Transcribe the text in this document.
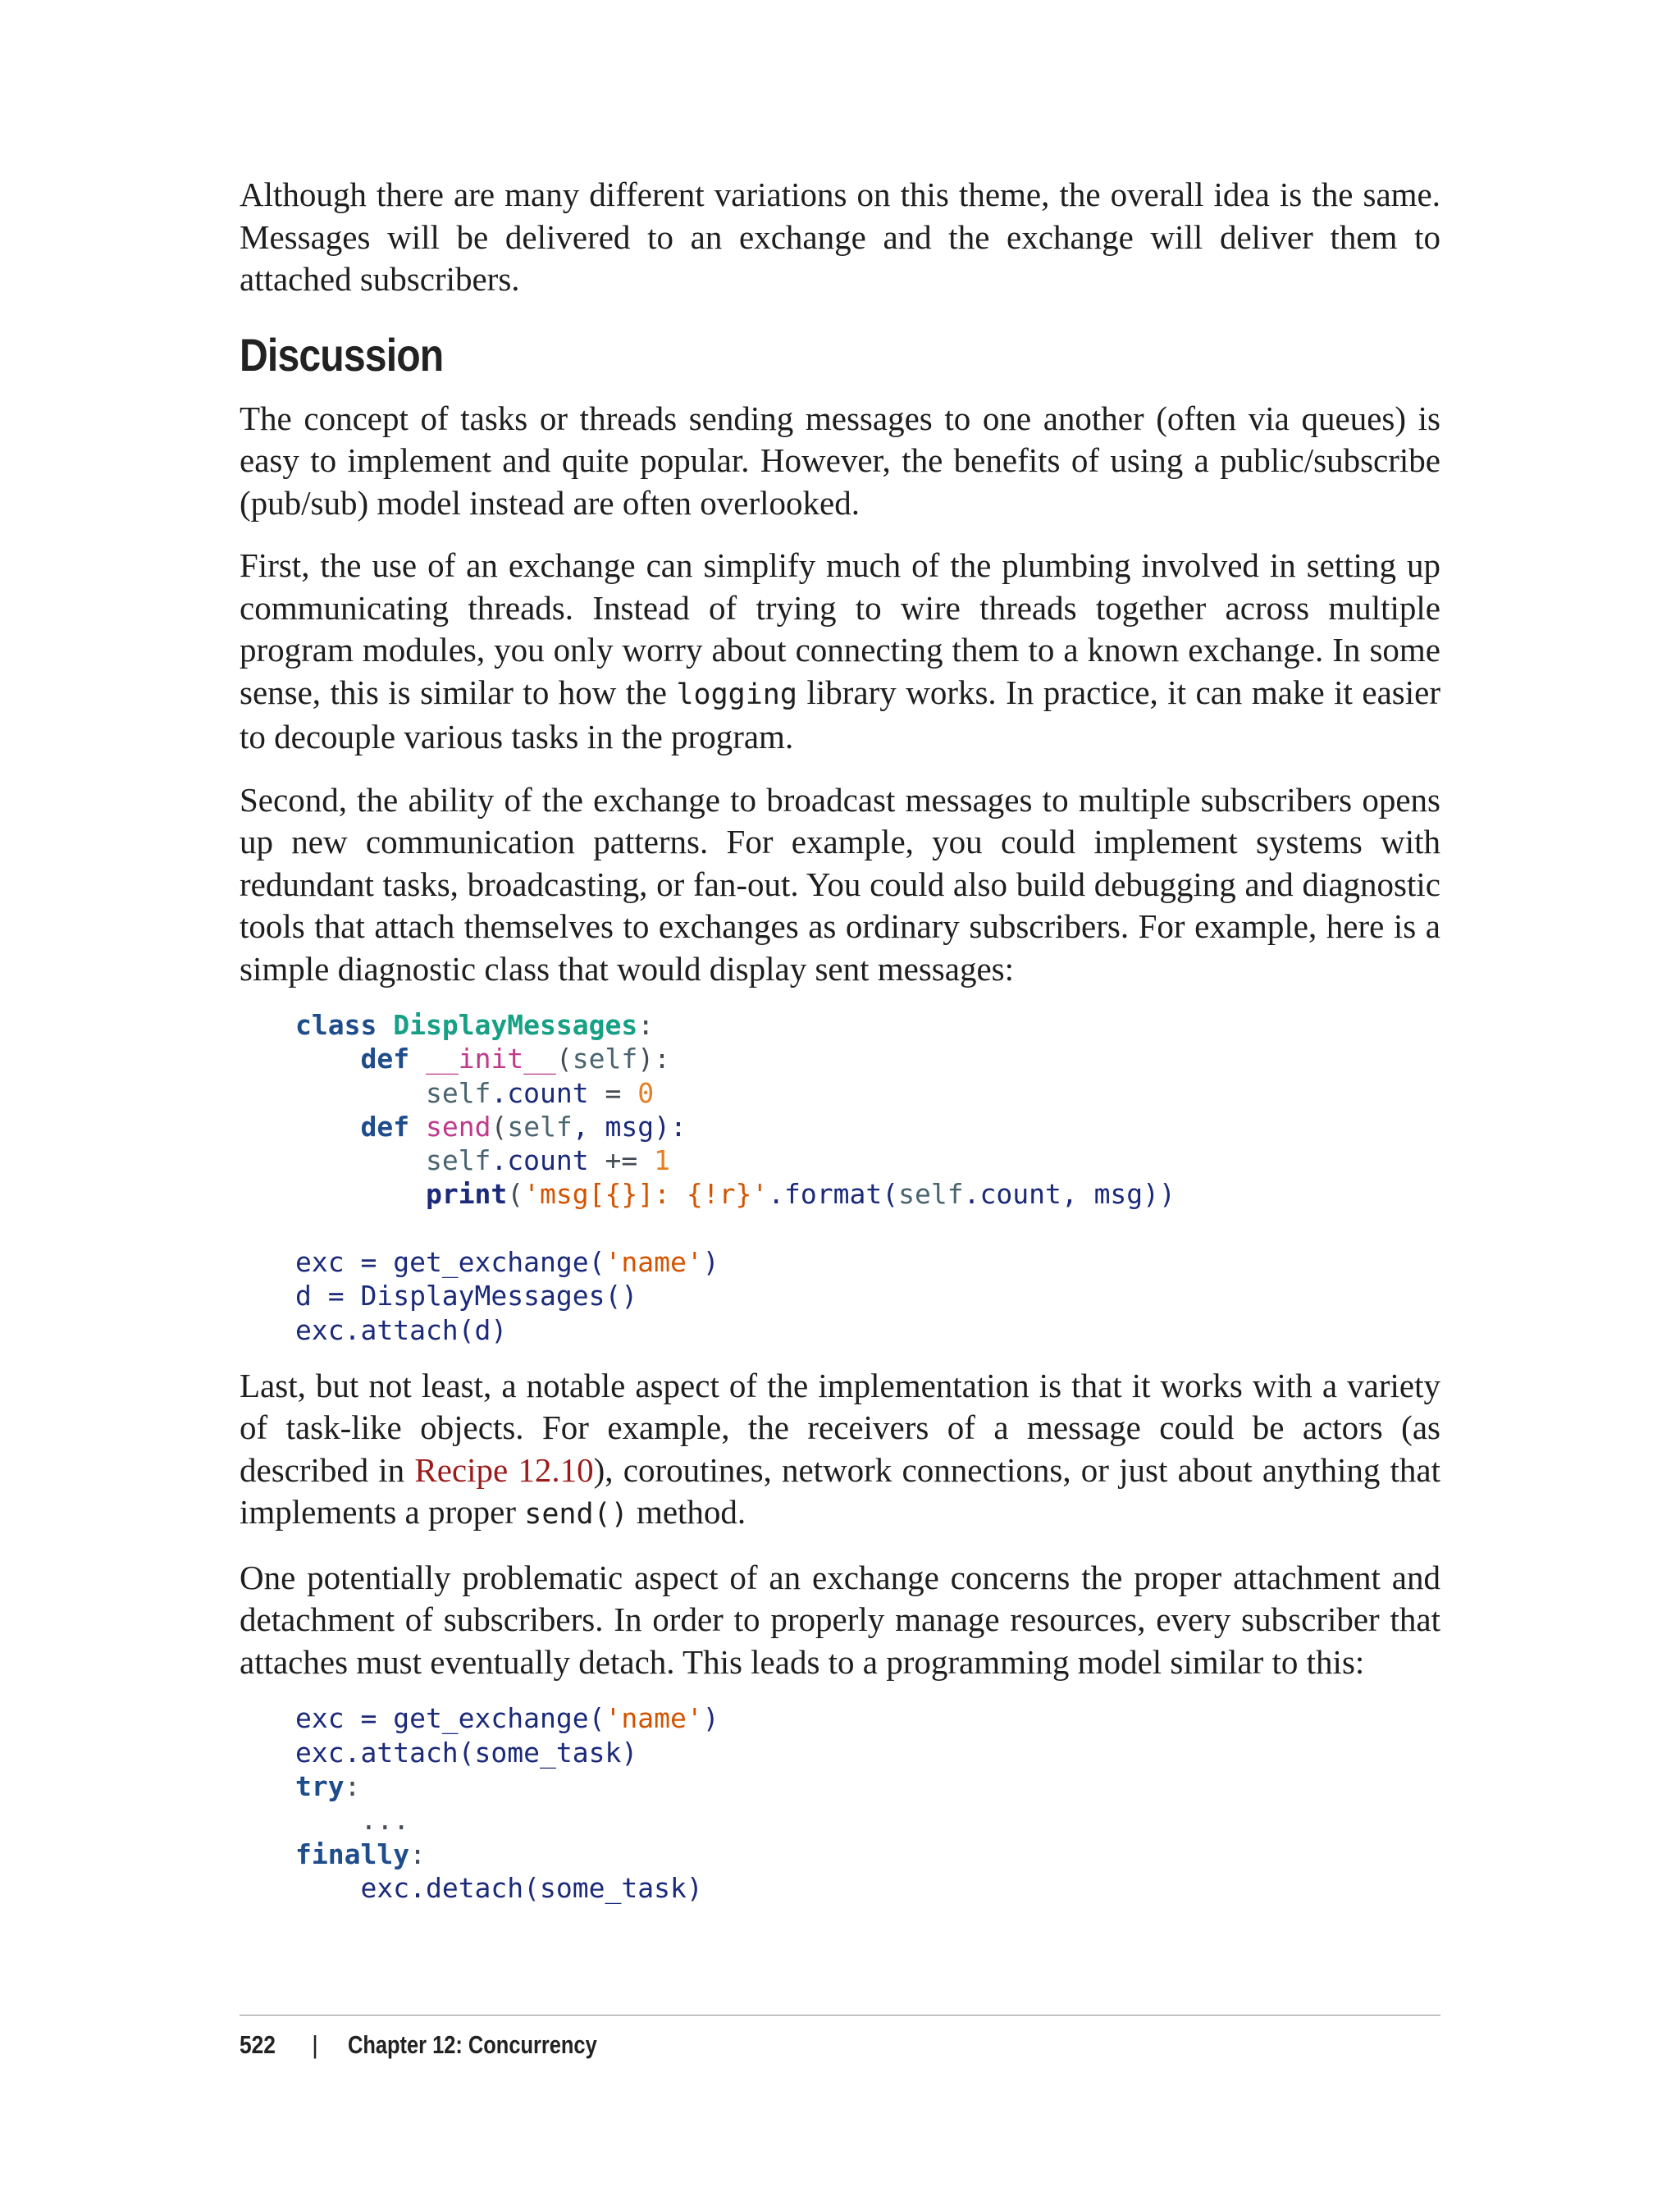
Although there are many different variations on this theme, the overall idea is the same. Messages will be delivered to an exchange and the exchange will deliver them to attached subscribers.

Discussion

The concept of tasks or threads sending messages to one another (often via queues) is easy to implement and quite popular. However, the benefits of using a public/subscribe (pub/sub) model instead are often overlooked.

First, the use of an exchange can simplify much of the plumbing involved in setting up communicating threads. Instead of trying to wire threads together across multiple program modules, you only worry about connecting them to a known exchange. In some sense, this is similar to how the logging library works. In practice, it can make it easier to decouple various tasks in the program.

Second, the ability of the exchange to broadcast messages to multiple subscribers opens up new communication patterns. For example, you could implement systems with redundant tasks, broadcasting, or fan-out. You could also build debugging and diagnostic tools that attach themselves to exchanges as ordinary subscribers. For example, here is a simple diagnostic class that would display sent messages:

class DisplayMessages:
def __init__(self):
self.count = 0
def send(self, msg):
self.count += 1
print('msg[{}]: {!r}'.format(self.count, msg))

exc = get_exchange('name')
d = DisplayMessages()
exc.attach(d)

Last, but not least, a notable aspect of the implementation is that it works with a variety of task-like objects. For example, the receivers of a message could be actors (as described in Recipe 12.10), coroutines, network connections, or just about anything that implements a proper send() method.

One potentially problematic aspect of an exchange concerns the proper attachment and detachment of subscribers. In order to properly manage resources, every subscriber that attaches must eventually detach. This leads to a programming model similar to this:

exc = get_exchange('name')
exc.attach(some_task)
try:
...
finally:
exc.detach(some_task)
522	|	Chapter 12: Concurrency
